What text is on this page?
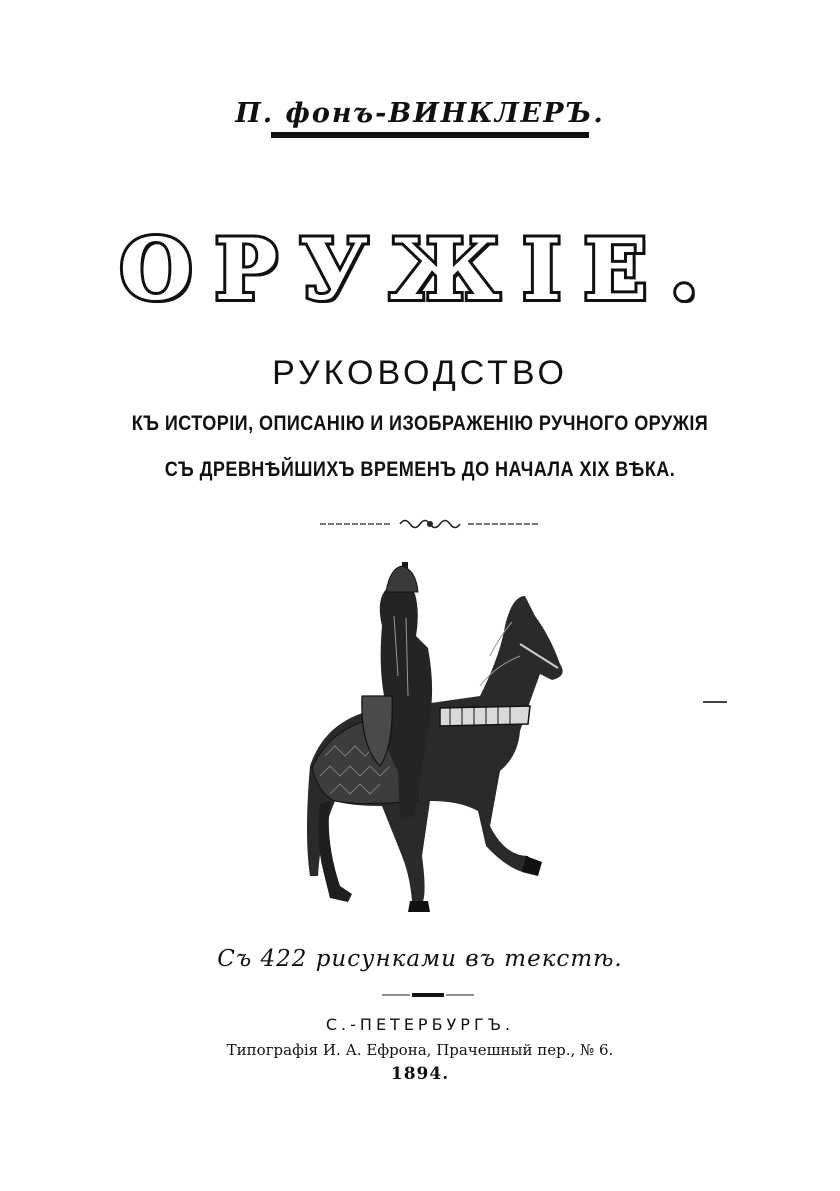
П. фонъ-ВИНКЛЕРЪ.
ОРУЖІЕ.
РУКОВОДСТВО
КЪ ИСТОРІИ, ОПИСАНІЮ И ИЗОБРАЖЕНІЮ РУЧНОГО ОРУЖІЯ
СЪ ДРЕВНѢЙШИХЪ ВРЕМЕНЪ ДО НАЧАЛА XIX ВѢКА.
Съ 422 рисунками въ текстѣ.
С.-ПЕТЕРБУРГЪ.
Типографія И. А. Ефрона, Прачешный пер., № 6.
1894.
